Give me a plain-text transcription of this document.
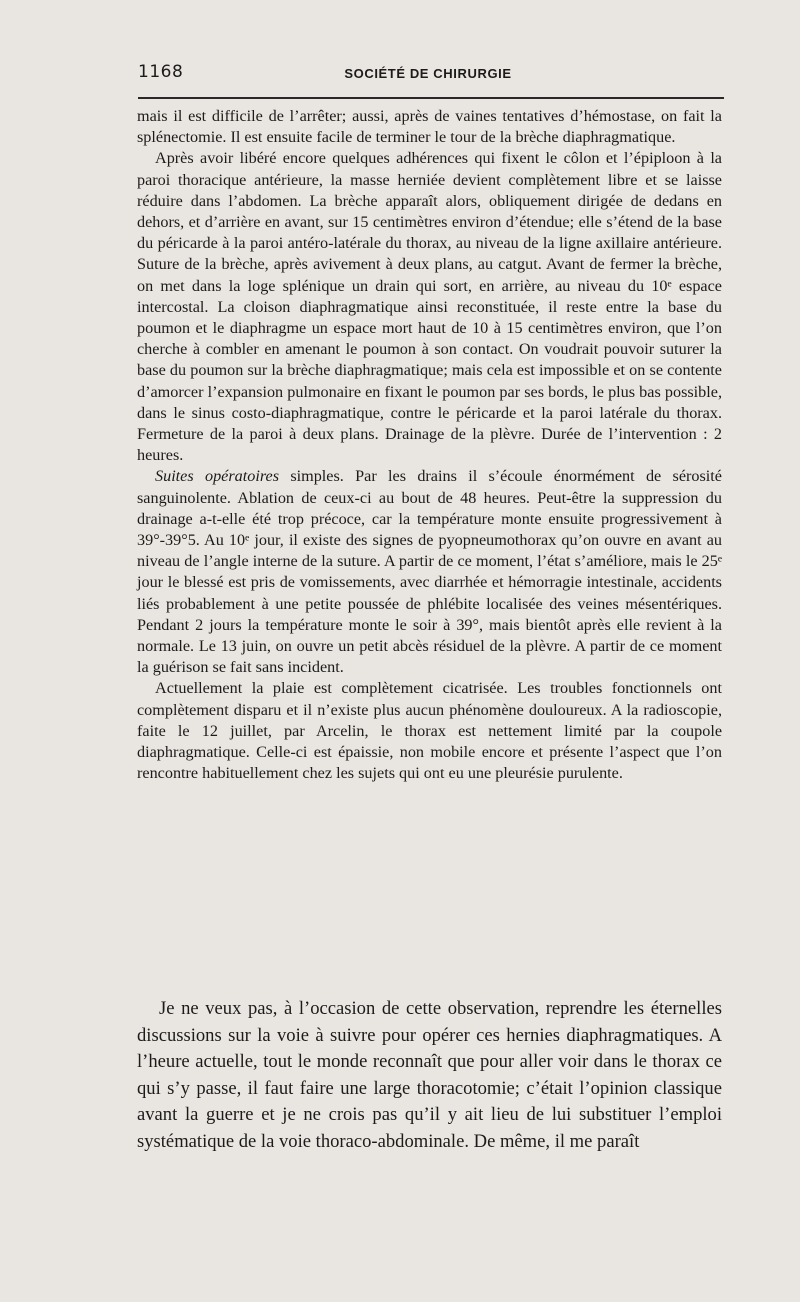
1168	SOCIÉTÉ DE CHIRURGIE

mais il est difficile de l’arrêter; aussi, après de vaines tentatives d’hémostase, on fait la splénectomie. Il est ensuite facile de terminer le tour de la brèche diaphragmatique.

Après avoir libéré encore quelques adhérences qui fixent le côlon et l’épiploon à la paroi thoracique antérieure, la masse herniée devient complètement libre et se laisse réduire dans l’abdomen. La brèche apparaît alors, obliquement dirigée de dedans en dehors, et d’arrière en avant, sur 15 centimètres environ d’étendue; elle s’étend de la base du péricarde à la paroi antéro-latérale du thorax, au niveau de la ligne axillaire antérieure. Suture de la brèche, après avivement à deux plans, au catgut. Avant de fermer la brèche, on met dans la loge splénique un drain qui sort, en arrière, au niveau du 10ᵉ espace intercostal. La cloison diaphragmatique ainsi reconstituée, il reste entre la base du poumon et le diaphragme un espace mort haut de 10 à 15 centimètres environ, que l’on cherche à combler en amenant le poumon à son contact. On voudrait pouvoir suturer la base du poumon sur la brèche diaphragmatique; mais cela est impossible et on se contente d’amorcer l’expansion pulmonaire en fixant le poumon par ses bords, le plus bas possible, dans le sinus costo-diaphragmatique, contre le péricarde et la paroi latérale du thorax. Fermeture de la paroi à deux plans. Drainage de la plèvre. Durée de l’intervention : 2 heures.

Suites opératoires simples. Par les drains il s’écoule énormément de sérosité sanguinolente. Ablation de ceux-ci au bout de 48 heures. Peut-être la suppression du drainage a-t-elle été trop précoce, car la température monte ensuite progressivement à 39°-39°5. Au 10ᵉ jour, il existe des signes de pyopneumothorax qu’on ouvre en avant au niveau de l’angle interne de la suture. A partir de ce moment, l’état s’améliore, mais le 25ᵉ jour le blessé est pris de vomissements, avec diarrhée et hémorragie intestinale, accidents liés probablement à une petite poussée de phlébite localisée des veines mésentériques. Pendant 2 jours la température monte le soir à 39°, mais bientôt après elle revient à la normale. Le 13 juin, on ouvre un petit abcès résiduel de la plèvre. A partir de ce moment la guérison se fait sans incident.

Actuellement la plaie est complètement cicatrisée. Les troubles fonctionnels ont complètement disparu et il n’existe plus aucun phénomène douloureux. A la radioscopie, faite le 12 juillet, par Arcelin, le thorax est nettement limité par la coupole diaphragmatique. Celle-ci est épaissie, non mobile encore et présente l’aspect que l’on rencontre habituellement chez les sujets qui ont eu une pleurésie purulente.

Je ne veux pas, à l’occasion de cette observation, reprendre les éternelles discussions sur la voie à suivre pour opérer ces hernies diaphragmatiques. A l’heure actuelle, tout le monde reconnaît que pour aller voir dans le thorax ce qui s’y passe, il faut faire une large thoracotomie; c’était l’opinion classique avant la guerre et je ne crois pas qu’il y ait lieu de lui substituer l’emploi systématique de la voie thoraco-abdominale. De même, il me paraît
